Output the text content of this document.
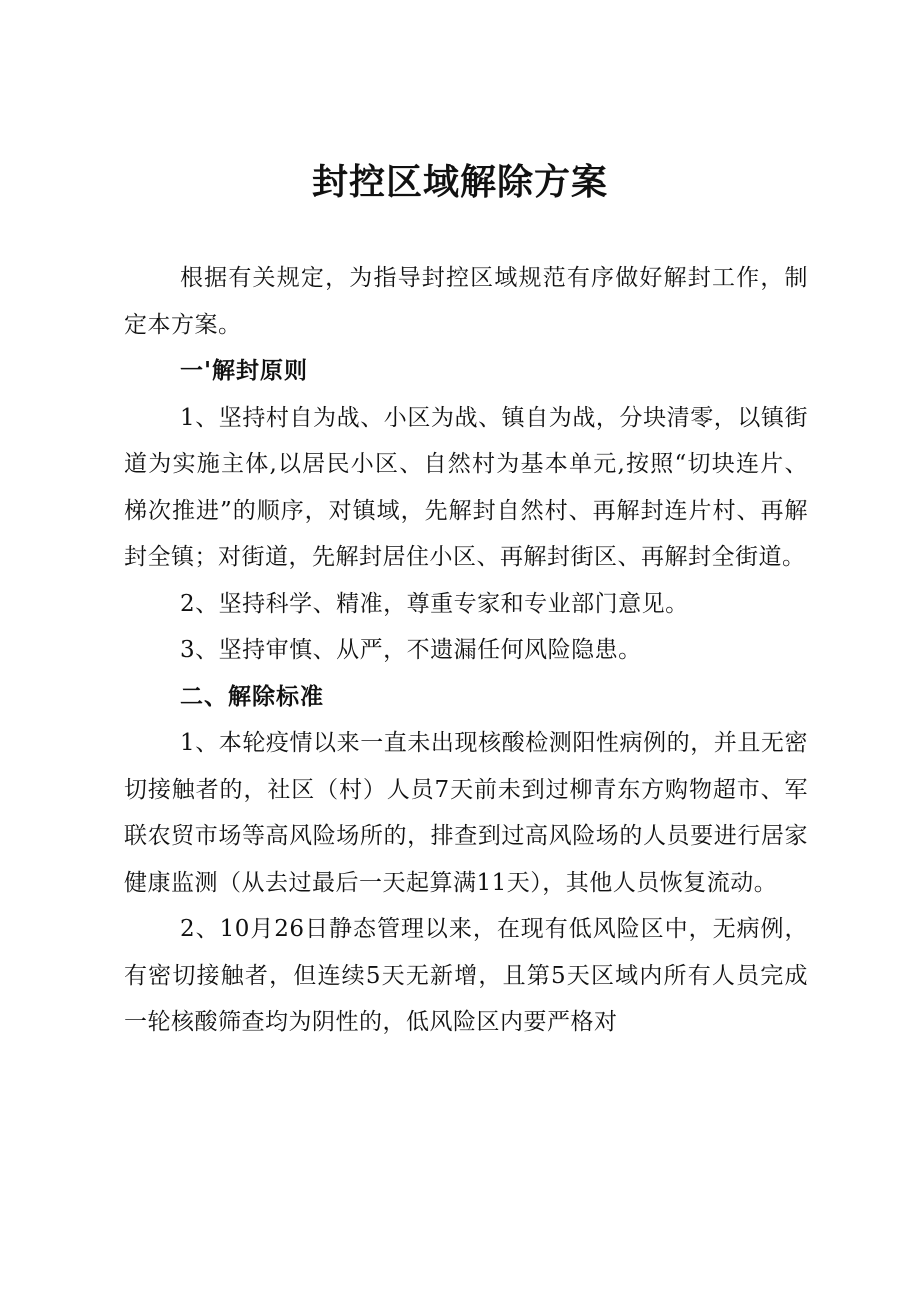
封控区域解除方案

根据有关规定，为指导封控区域规范有序做好解封工作，制定本方案。

一'解封原则

1、坚持村自为战、小区为战、镇自为战，分块清零，以镇街道为实施主体,以居民小区、自然村为基本单元,按照“切块连片、梯次推进”的顺序，对镇域，先解封自然村、再解封连片村、再解封全镇；对街道，先解封居住小区、再解封街区、再解封全街道。

2、坚持科学、精准，尊重专家和专业部门意见。

3、坚持审慎、从严，不遗漏任何风险隐患。

二、解除标准

1、本轮疫情以来一直未出现核酸检测阳性病例的，并且无密切接触者的，社区（村）人员7天前未到过柳青东方购物超市、军联农贸市场等高风险场所的，排查到过高风险场的人员要进行居家健康监测（从去过最后一天起算满11天），其他人员恢复流动。

2、10月26日静态管理以来，在现有低风险区中，无病例，有密切接触者，但连续5天无新增，且第5天区域内所有人员完成一轮核酸筛查均为阴性的，低风险区内要严格对
